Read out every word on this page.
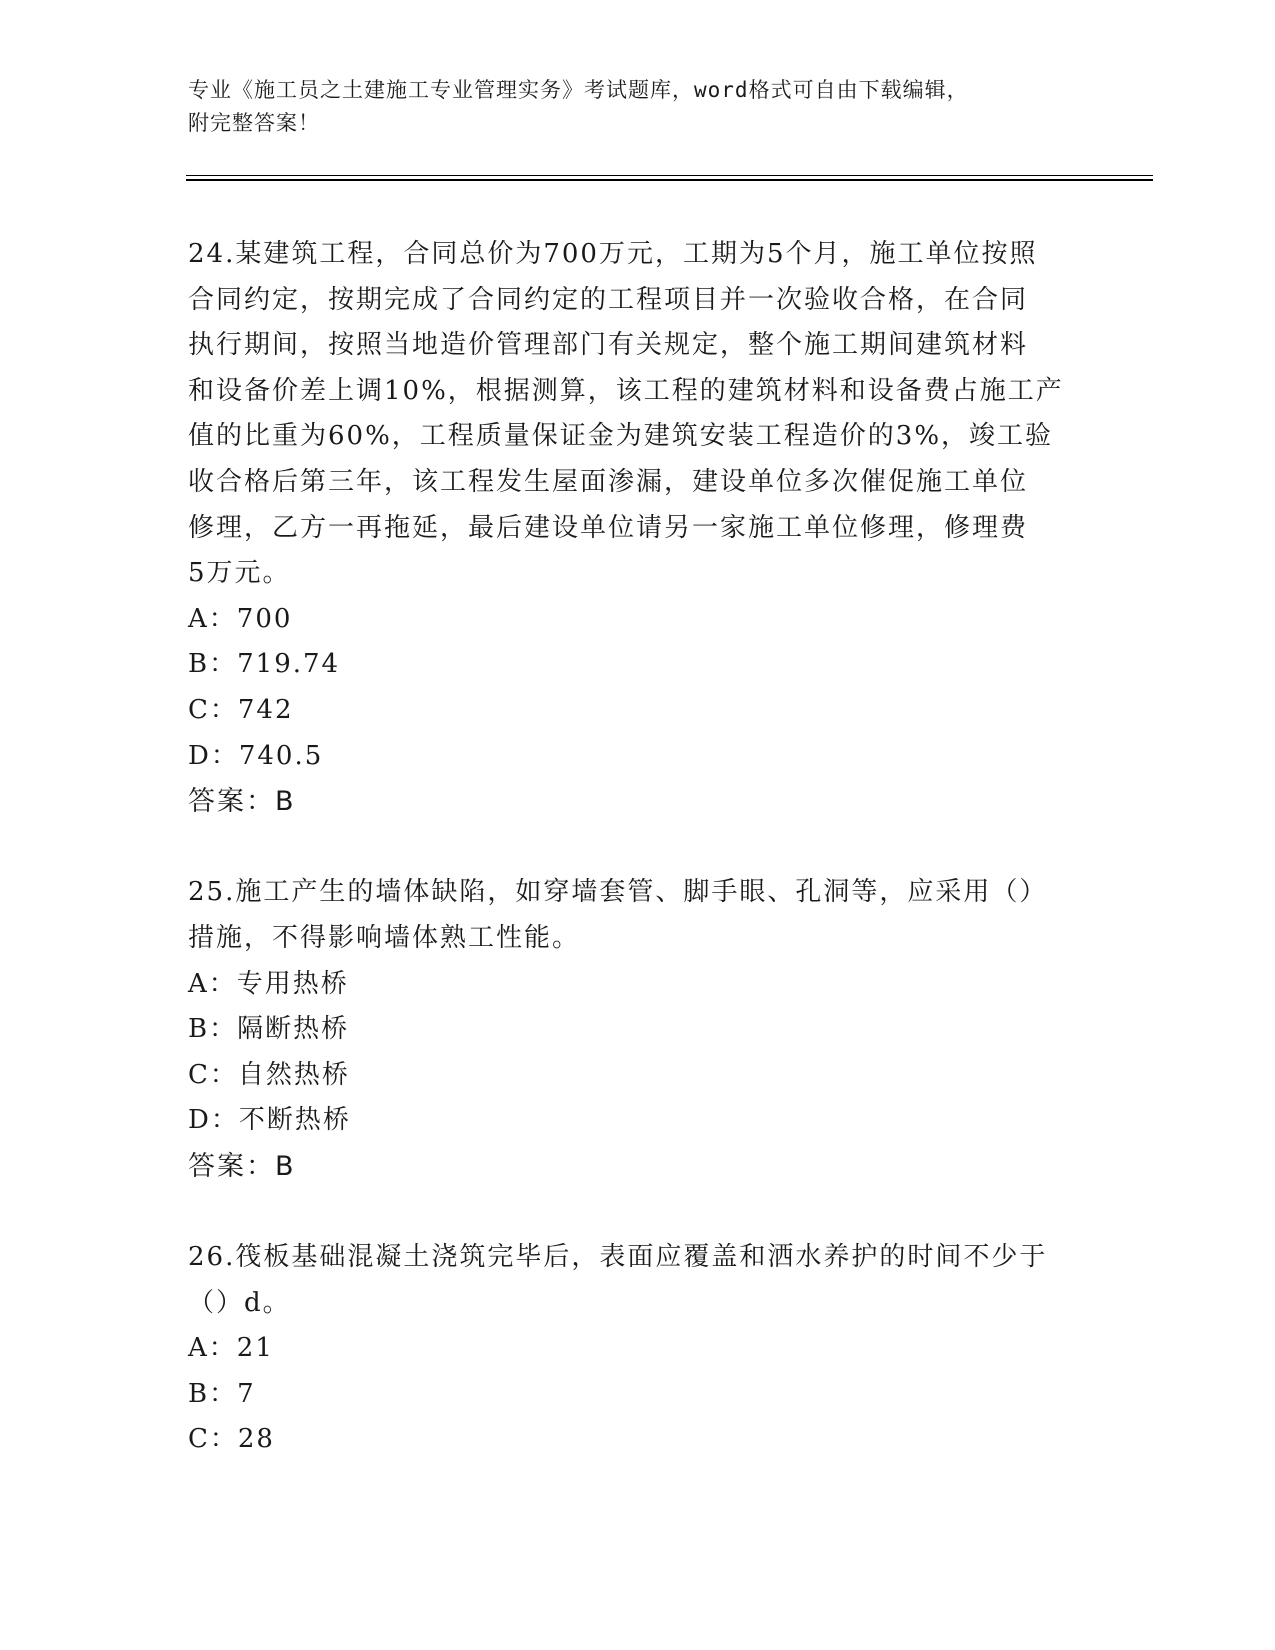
专业《施工员之土建施工专业管理实务》考试题库，word格式可自由下载编辑，
附完整答案！
24.某建筑工程，合同总价为700万元，工期为5个月，施工单位按照
合同约定，按期完成了合同约定的工程项目并一次验收合格，在合同
执行期间，按照当地造价管理部门有关规定，整个施工期间建筑材料
和设备价差上调10%，根据测算，该工程的建筑材料和设备费占施工产
值的比重为60%，工程质量保证金为建筑安装工程造价的3%，竣工验
收合格后第三年，该工程发生屋面渗漏，建设单位多次催促施工单位
修理，乙方一再拖延，最后建设单位请另一家施工单位修理，修理费
5万元。
A：700
B：719.74
C：742
D：740.5
答案：B
25.施工产生的墙体缺陷，如穿墙套管、脚手眼、孔洞等，应采用（）
措施，不得影响墙体熟工性能。
A：专用热桥
B：隔断热桥
C：自然热桥
D：不断热桥
答案：B
26.筏板基础混凝土浇筑完毕后，表面应覆盖和洒水养护的时间不少于
（）d。
A：21
B：7
C：28
